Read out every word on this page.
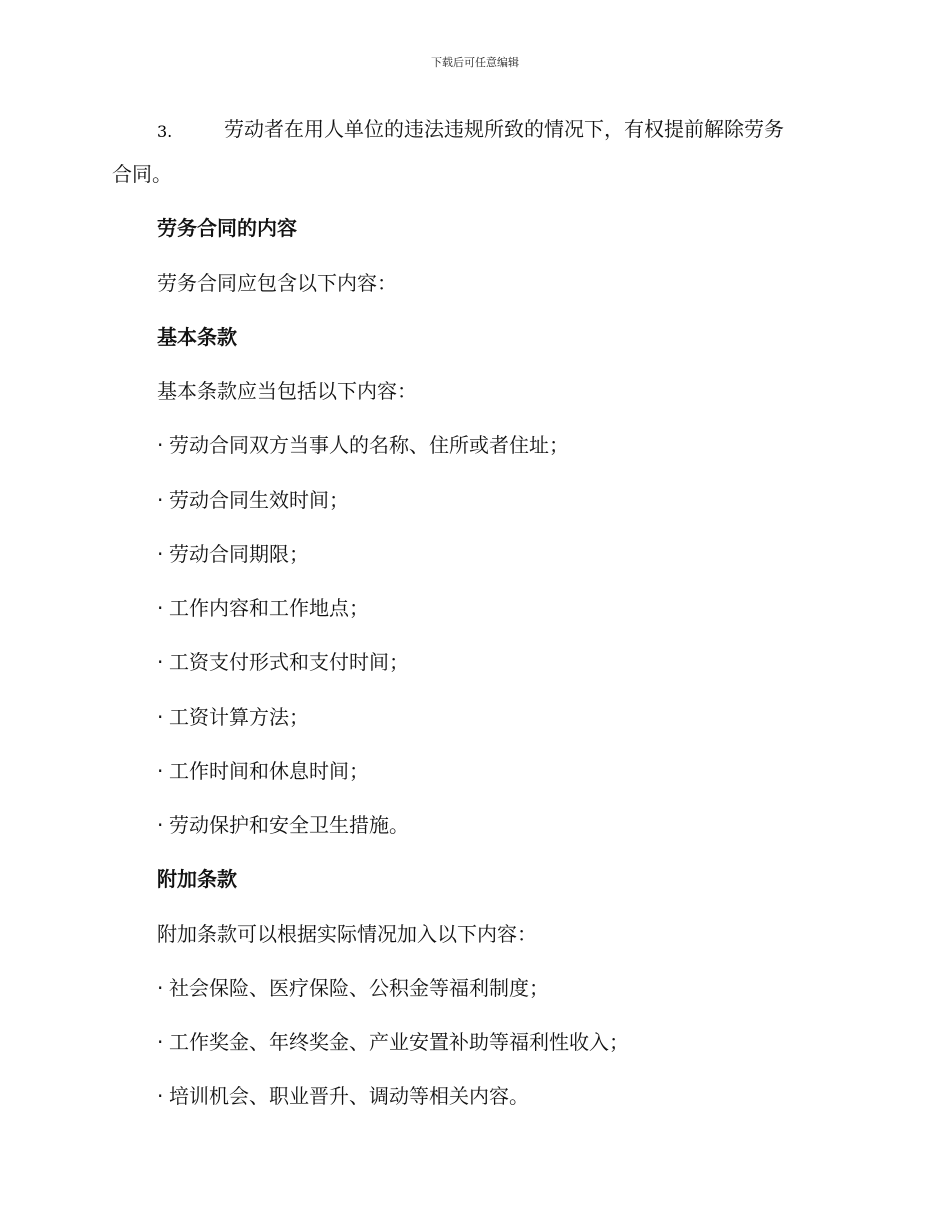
下载后可任意编辑
3.	劳动者在用人单位的违法违规所致的情况下，有权提前解除劳务
合同。
劳务合同的内容
劳务合同应包含以下内容：
基本条款
基本条款应当包括以下内容：
· 劳动合同双方当事人的名称、住所或者住址；
· 劳动合同生效时间；
· 劳动合同期限；
· 工作内容和工作地点；
· 工资支付形式和支付时间；
· 工资计算方法；
· 工作时间和休息时间；
· 劳动保护和安全卫生措施。
附加条款
附加条款可以根据实际情况加入以下内容：
· 社会保险、医疗保险、公积金等福利制度；
· 工作奖金、年终奖金、产业安置补助等福利性收入；
· 培训机会、职业晋升、调动等相关内容。
